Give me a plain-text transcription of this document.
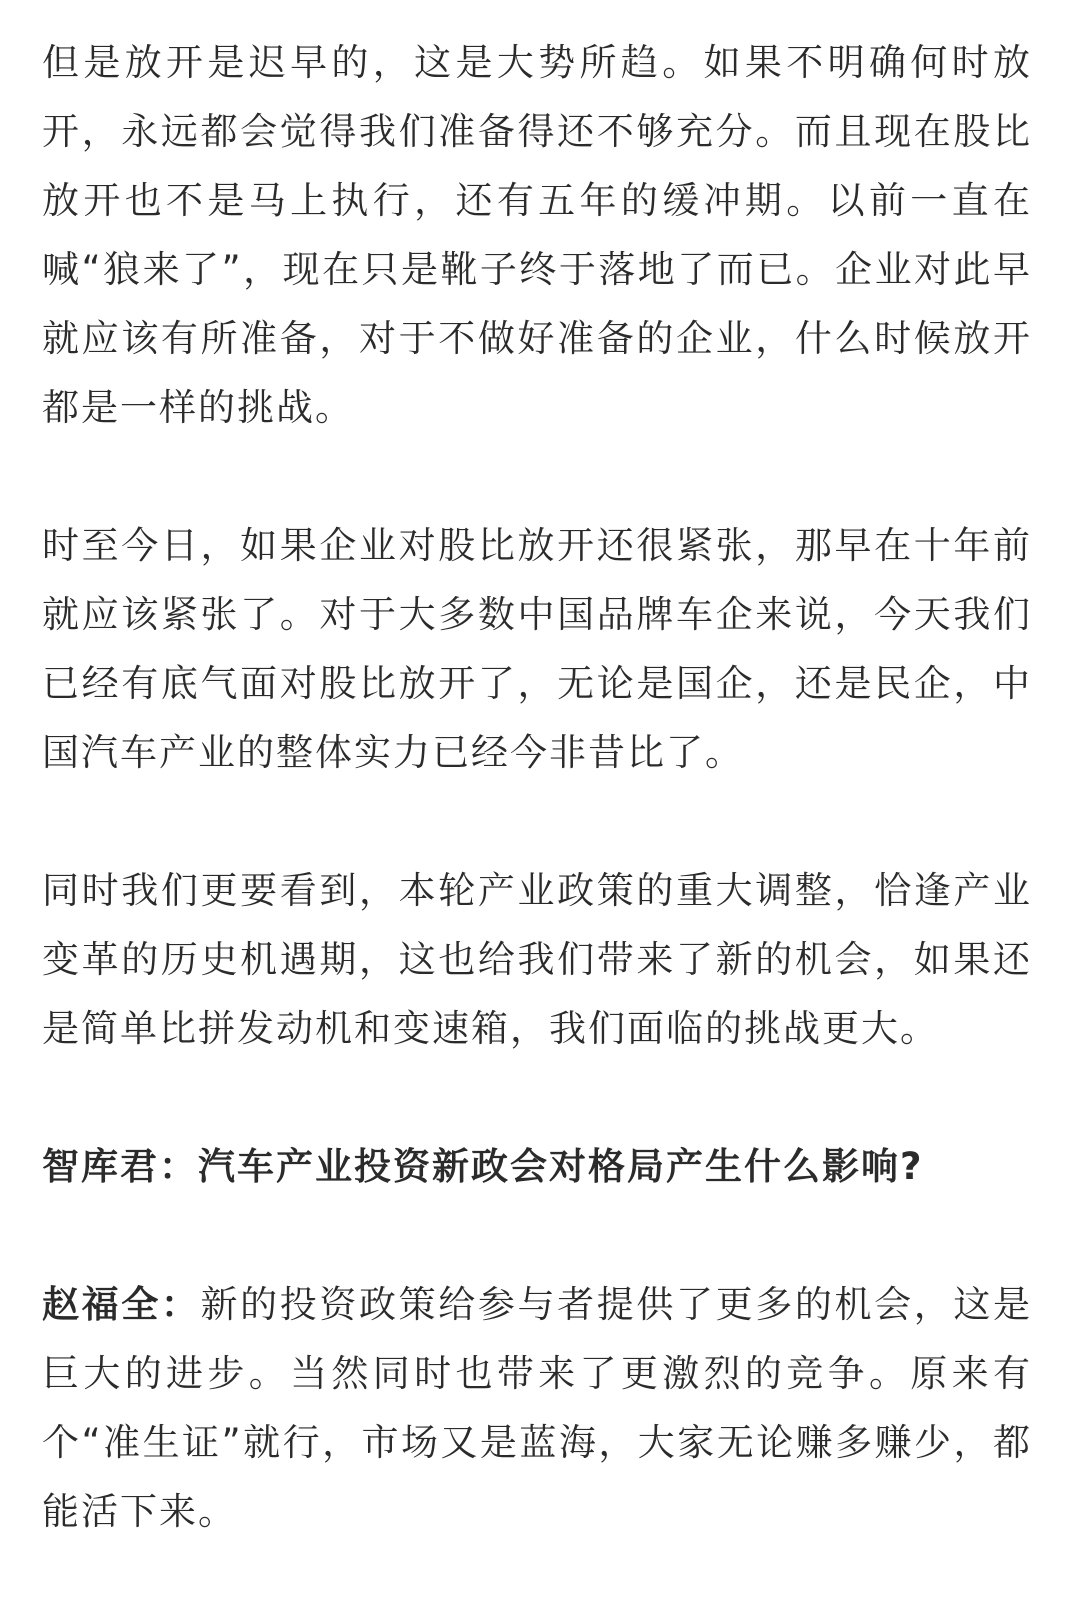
但是放开是迟早的，这是大势所趋。如果不明确何时放开，永远都会觉得我们准备得还不够充分。而且现在股比放开也不是马上执行，还有五年的缓冲期。以前一直在喊“狼来了”，现在只是靴子终于落地了而已。企业对此早就应该有所准备，对于不做好准备的企业，什么时候放开都是一样的挑战。

时至今日，如果企业对股比放开还很紧张，那早在十年前就应该紧张了。对于大多数中国品牌车企来说，今天我们已经有底气面对股比放开了，无论是国企，还是民企，中国汽车产业的整体实力已经今非昔比了。

同时我们更要看到，本轮产业政策的重大调整，恰逢产业变革的历史机遇期，这也给我们带来了新的机会，如果还是简单比拼发动机和变速箱，我们面临的挑战更大。

智库君：汽车产业投资新政会对格局产生什么影响?

赵福全：新的投资政策给参与者提供了更多的机会，这是巨大的进步。当然同时也带来了更激烈的竞争。原来有个“准生证”就行，市场又是蓝海，大家无论赚多赚少，都能活下来。
